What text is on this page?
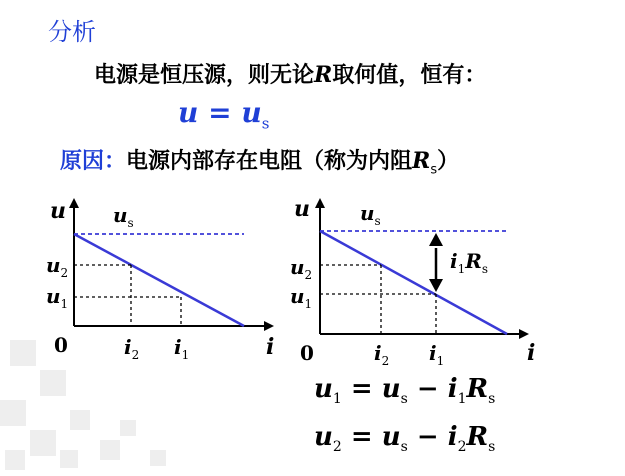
分析
电源是恒压源，则无论R取何值，恒有：
$u = u_s$
原因：电源内部存在电阻（称为内阻$R_s$）
u
i
0
$u_s$
$u_2$
$u_1$
$i_2$ $i_1$
u
i
0
$u_s$
$u_2$
$u_1$
$i_2$ $i_1$
$i_1R_s$
$u_1 = u_s - i_1R_s$
$u_2 = u_s - i_2R_s$
